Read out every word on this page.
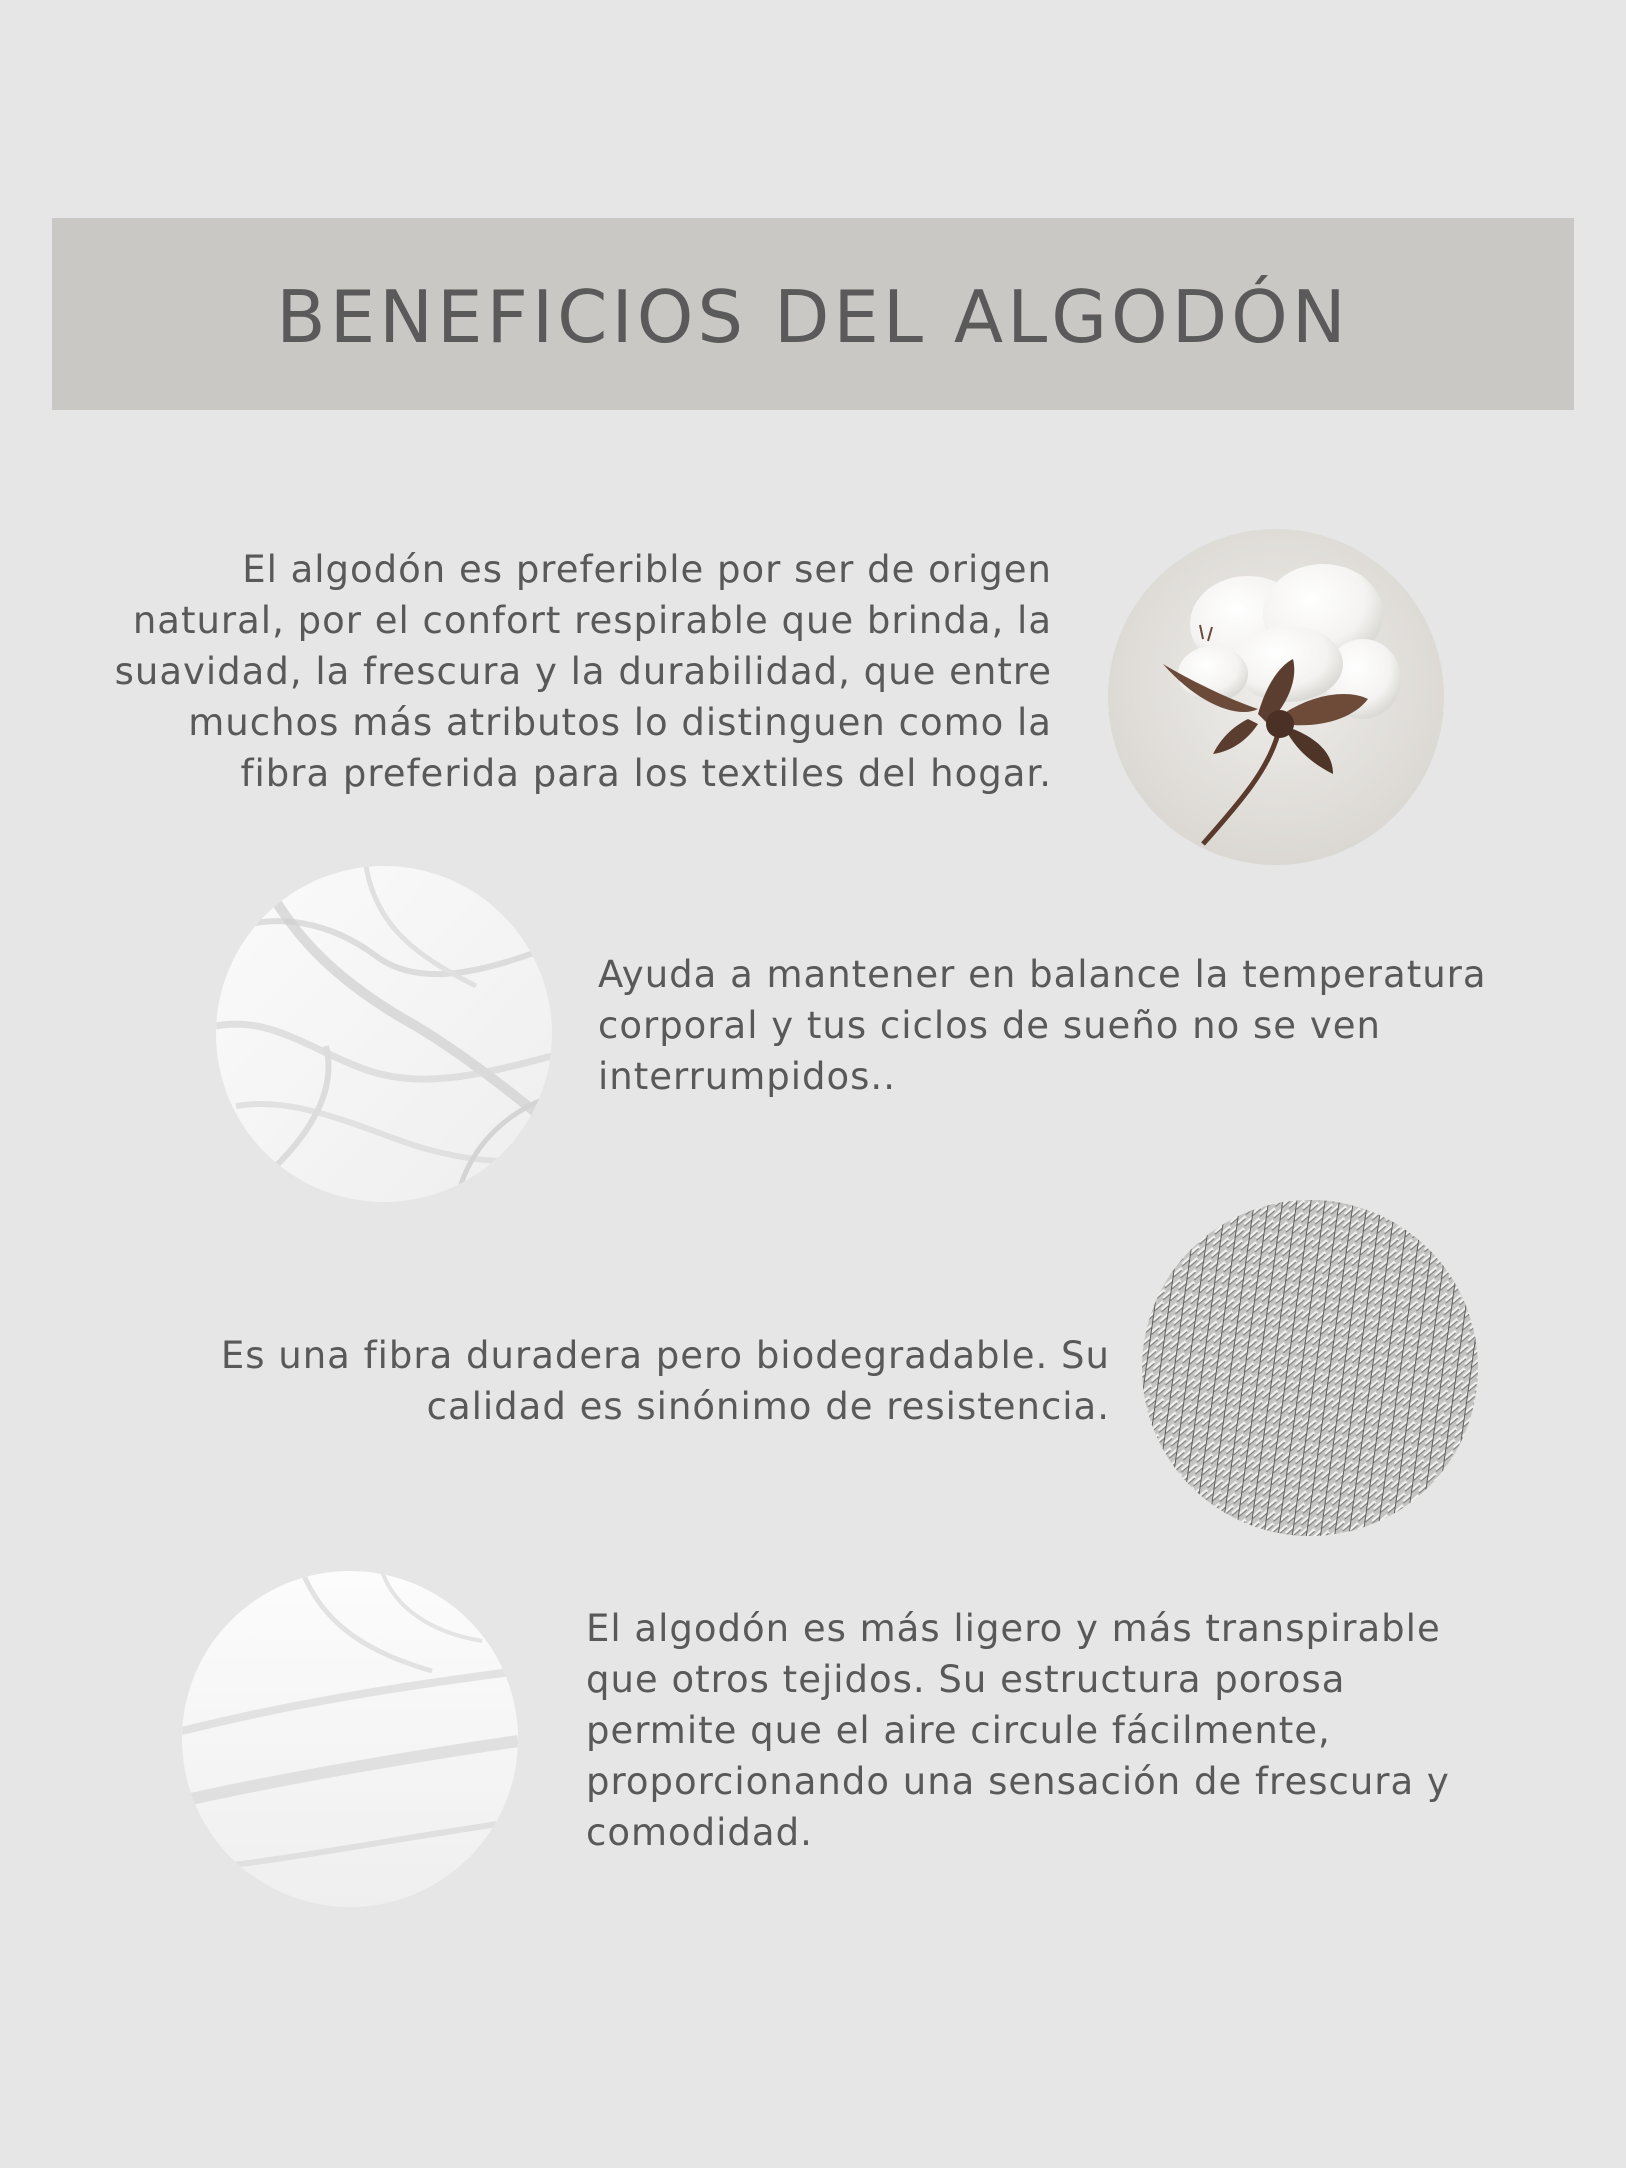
BENEFICIOS DEL ALGODÓN

El algodón es preferible por ser de origen natural, por el confort respirable que brinda, la suavidad, la frescura y la durabilidad, que entre muchos más atributos lo distinguen como la fibra preferida para los textiles del hogar.

Ayuda a mantener en balance la temperatura corporal y tus ciclos de sueño no se ven interrumpidos..

Es una fibra duradera pero biodegradable. Su calidad es sinónimo de resistencia.

El algodón es más ligero y más transpirable que otros tejidos. Su estructura porosa permite que el aire circule fácilmente, proporcionando una sensación de frescura y comodidad.
